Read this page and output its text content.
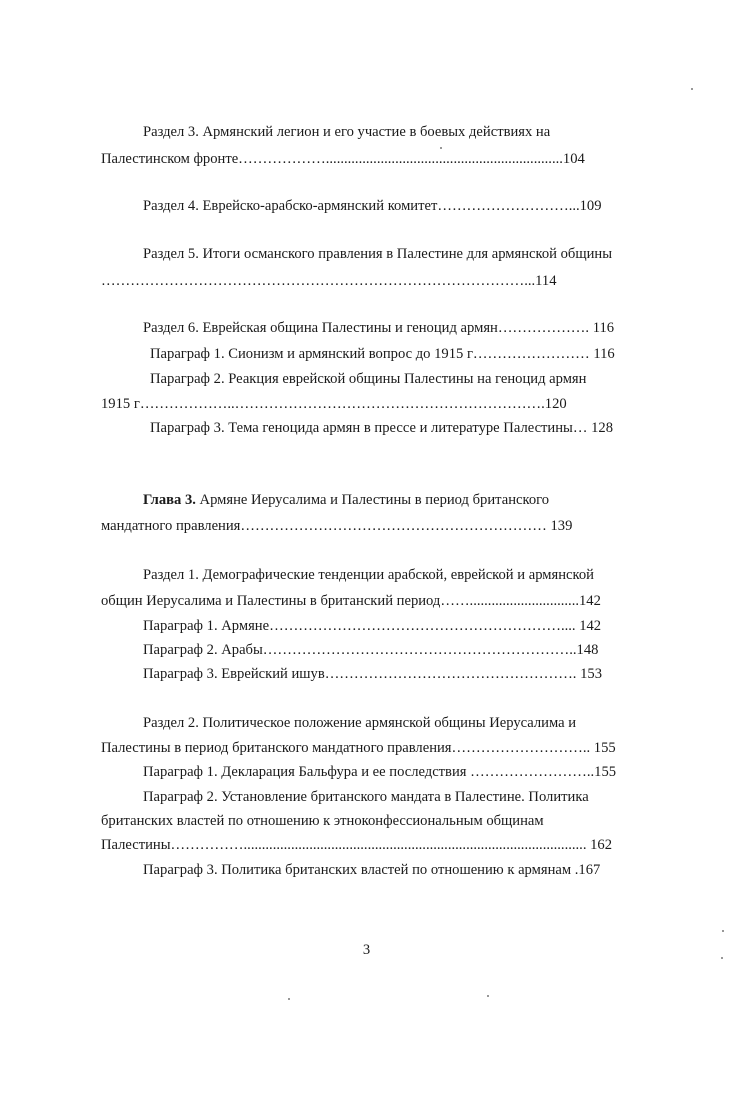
Раздел 3. Армянский легион и его участие в боевых действиях на
Палестинском фронте……………….................................................................104
Раздел 4. Еврейско-арабско-армянский комитет………………………...109
Раздел 5. Итоги османского правления в Палестине для армянской общины
……………………………………………………………………………...114
Раздел 6. Еврейская община Палестины и геноцид армян………………. 116
Параграф 1. Сионизм и армянский вопрос до 1915 г…………………… 116
Параграф 2. Реакция еврейской общины Палестины на геноцид армян
1915 г………………..……………………………………………………….120
Параграф 3. Тема геноцида армян в прессе и литературе Палестины… 128
Глава 3. Армяне Иерусалима и Палестины в период британского
мандатного правления……………………………………………………… 139
Раздел 1. Демографические тенденции арабской, еврейской и армянской
общин Иерусалима и Палестины в британский период……..............................142
Параграф 1. Армяне…………………………………………………….... 142
Параграф 2. Арабы………………………………………………………..148
Параграф 3. Еврейский ишув……………………………………………. 153
Раздел 2. Политическое положение армянской общины Иерусалима и
Палестины в период британского мандатного правления……………………….. 155
Параграф 1. Декларация Бальфура и ее последствия ……………………..155
Параграф 2. Установление британского мандата в Палестине. Политика
британских властей по отношению к этноконфессиональным общинам
Палестины…………….............................................................................................. 162
Параграф 3. Политика британских властей по отношению к армянам .167
3
